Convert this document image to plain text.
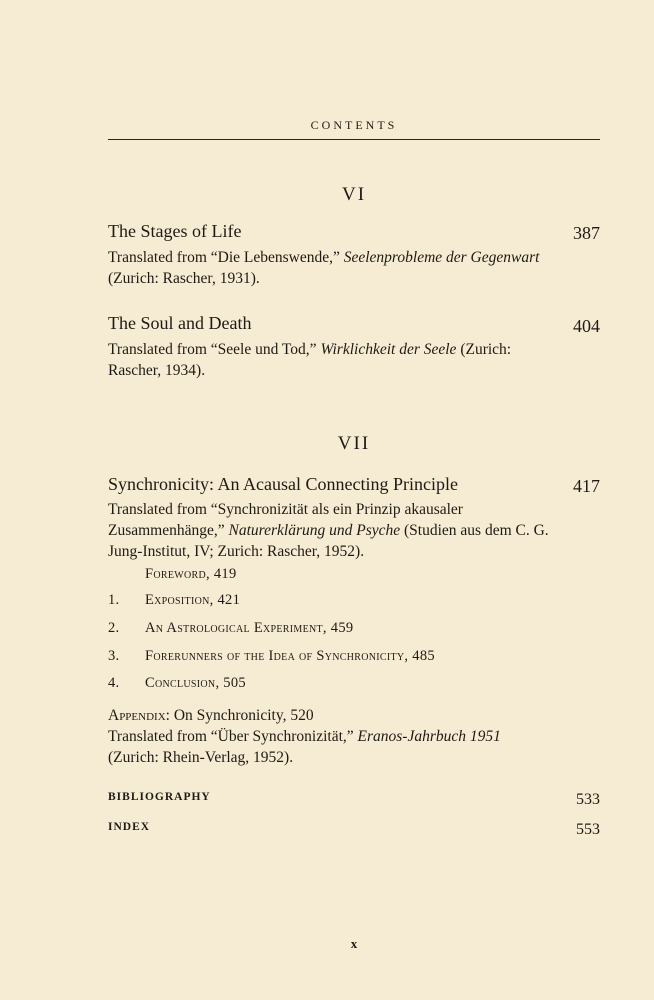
CONTENTS
VI
The Stages of Life	387
Translated from “Die Lebenswende,” Seelenprobleme der Gegenwart (Zurich: Rascher, 1931).
The Soul and Death	404
Translated from “Seele und Tod,” Wirklichkeit der Seele (Zurich: Rascher, 1934).
VII
Synchronicity: An Acausal Connecting Principle	417
Translated from “Synchronizität als ein Prinzip akausaler Zusammenhänge,” Naturerklärung und Psyche (Studien aus dem C. G. Jung-Institut, IV; Zurich: Rascher, 1952).
Foreword, 419
1. Exposition, 421
2. An Astrological Experiment, 459
3. Forerunners of the Idea of Synchronicity, 485
4. Conclusion, 505
Appendix: On Synchronicity, 520
Translated from “Über Synchronizität,” Eranos-Jahrbuch 1951 (Zurich: Rhein-Verlag, 1952).
BIBLIOGRAPHY	533
INDEX	553
x
